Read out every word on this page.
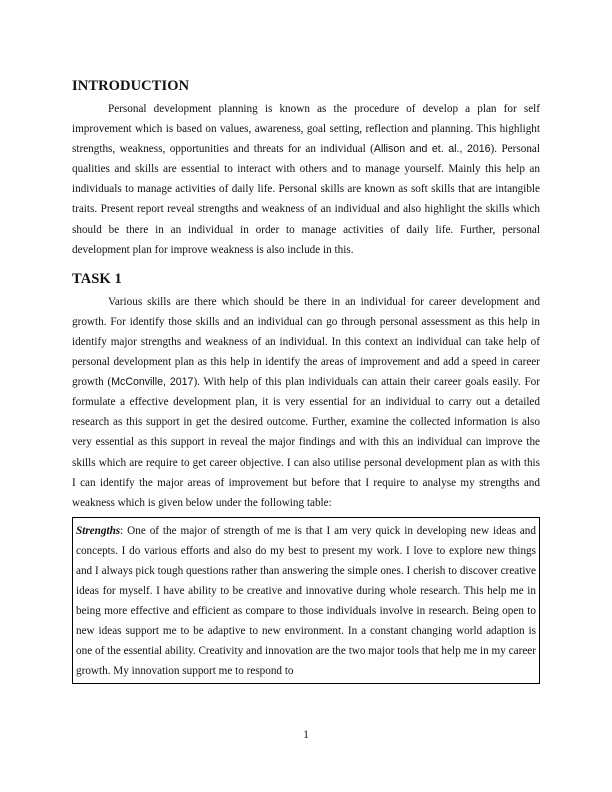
INTRODUCTION

Personal development planning is known as the procedure of develop a plan for self improvement which is based on values, awareness, goal setting, reflection and planning. This highlight strengths, weakness, opportunities and threats for an individual (Allison and et. al., 2016). Personal qualities and skills are essential to interact with others and to manage yourself. Mainly this help an individuals to manage activities of daily life. Personal skills are known as soft skills that are intangible traits. Present report reveal strengths and weakness of an individual and also highlight the skills which should be there in an individual in order to manage activities of daily life. Further, personal development plan for improve weakness is also include in this.

TASK 1

Various skills are there which should be there in an individual for career development and growth. For identify those skills and an individual can go through personal assessment as this help in identify major strengths and weakness of an individual. In this context an individual can take help of personal development plan as this help in identify the areas of improvement and add a speed in career growth (McConville, 2017). With help of this plan individuals can attain their career goals easily. For formulate a effective development plan, it is very essential for an individual to carry out a detailed research as this support in get the desired outcome. Further, examine the collected information is also very essential as this support in reveal the major findings and with this an individual can improve the skills which are require to get career objective. I can also utilise personal development plan as with this I can identify the major areas of improvement but before that I require to analyse my strengths and weakness which is given below under the following table:

Strengths: One of the major of strength of me is that I am very quick in developing new ideas and concepts. I do various efforts and also do my best to present my work. I love to explore new things and I always pick tough questions rather than answering the simple ones. I cherish to discover creative ideas for myself. I have ability to be creative and innovative during whole research. This help me in being more effective and efficient as compare to those individuals involve in research. Being open to new ideas support me to be adaptive to new environment. In a constant changing world adaption is one of the essential ability. Creativity and innovation are the two major tools that help me in my career growth. My innovation support me to respond to

1
